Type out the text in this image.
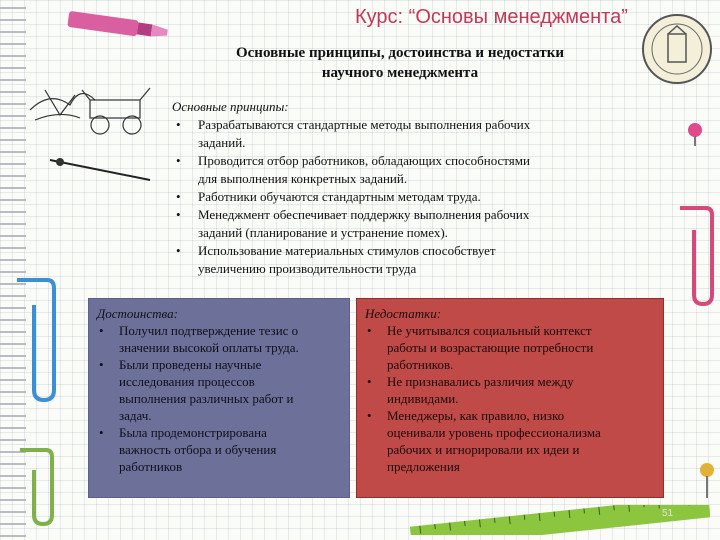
Курс: “Основы менеджмента”
Основные принципы, достоинства и недостатки
научного менеджмента
Основные принципы:
• Разрабатываются стандартные методы выполнения рабочих
заданий.
• Проводится отбор работников, обладающих способностями
для выполнения конкретных заданий.
• Работники обучаются стандартным методам труда.
• Менеджмент обеспечивает поддержку выполнения рабочих
заданий (планирование и устранение помех).
• Использование материальных стимулов способствует
увеличению производительности труда
Достоинства:
• Получил подтверждение тезис о
значении высокой оплаты труда.
• Были проведены научные
исследования процессов
выполнения различных работ и
задач.
• Была продемонстрирована
важность отбора и обучения
работников
Недостатки:
• Не учитывался социальный контекст
работы и возрастающие потребности
работников.
• Не признавались различия между
индивидами.
• Менеджеры, как правило, низко
оценивали уровень профессионализма
рабочих и игнорировали их идеи и
предложения
51
